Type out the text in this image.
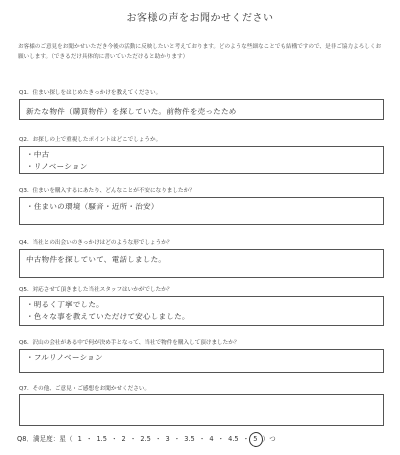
お客様の声をお聞かせください
お客様のご意見をお聞かせいただき今後の活動に反映したいと考えております。どのような些細なことでも結構ですので、是非ご協力よろしくお願いします。（できるだけ具体的に書いていただけると助かります）
Q1．住まい探しをはじめたきっかけを教えてください。
新たな物件（購買物件）を探していた。前物件を売ったため
Q2．お探しの上で重視したポイントはどこでしょうか。
・中古
・リノベーション
Q3．住まいを購入するにあたり、どんなことが不安になりましたか？
・住まいの環境（騒音・近所・治安）
Q4．当社との出会いのきっかけはどのような形でしょうか？
中古物件を探していて、電話しました。
Q5．対応させて頂きました当社スタッフはいかがでしたか？
・明るく丁寧でした。
・色々な事を教えていただけて安心しました。
Q6．沢山の会社がある中で何が決め手となって、当社で物件を購入して頂けましたか？
・フルリノベーション
Q7．その他、ご意見・ご感想をお聞かせください。
Q8．満足度：星（ 1 ・ 1.5 ・ 2 ・ 2.5 ・ 3 ・ 3.5 ・ 4 ・ 4.5 ・ 5 ）つ
